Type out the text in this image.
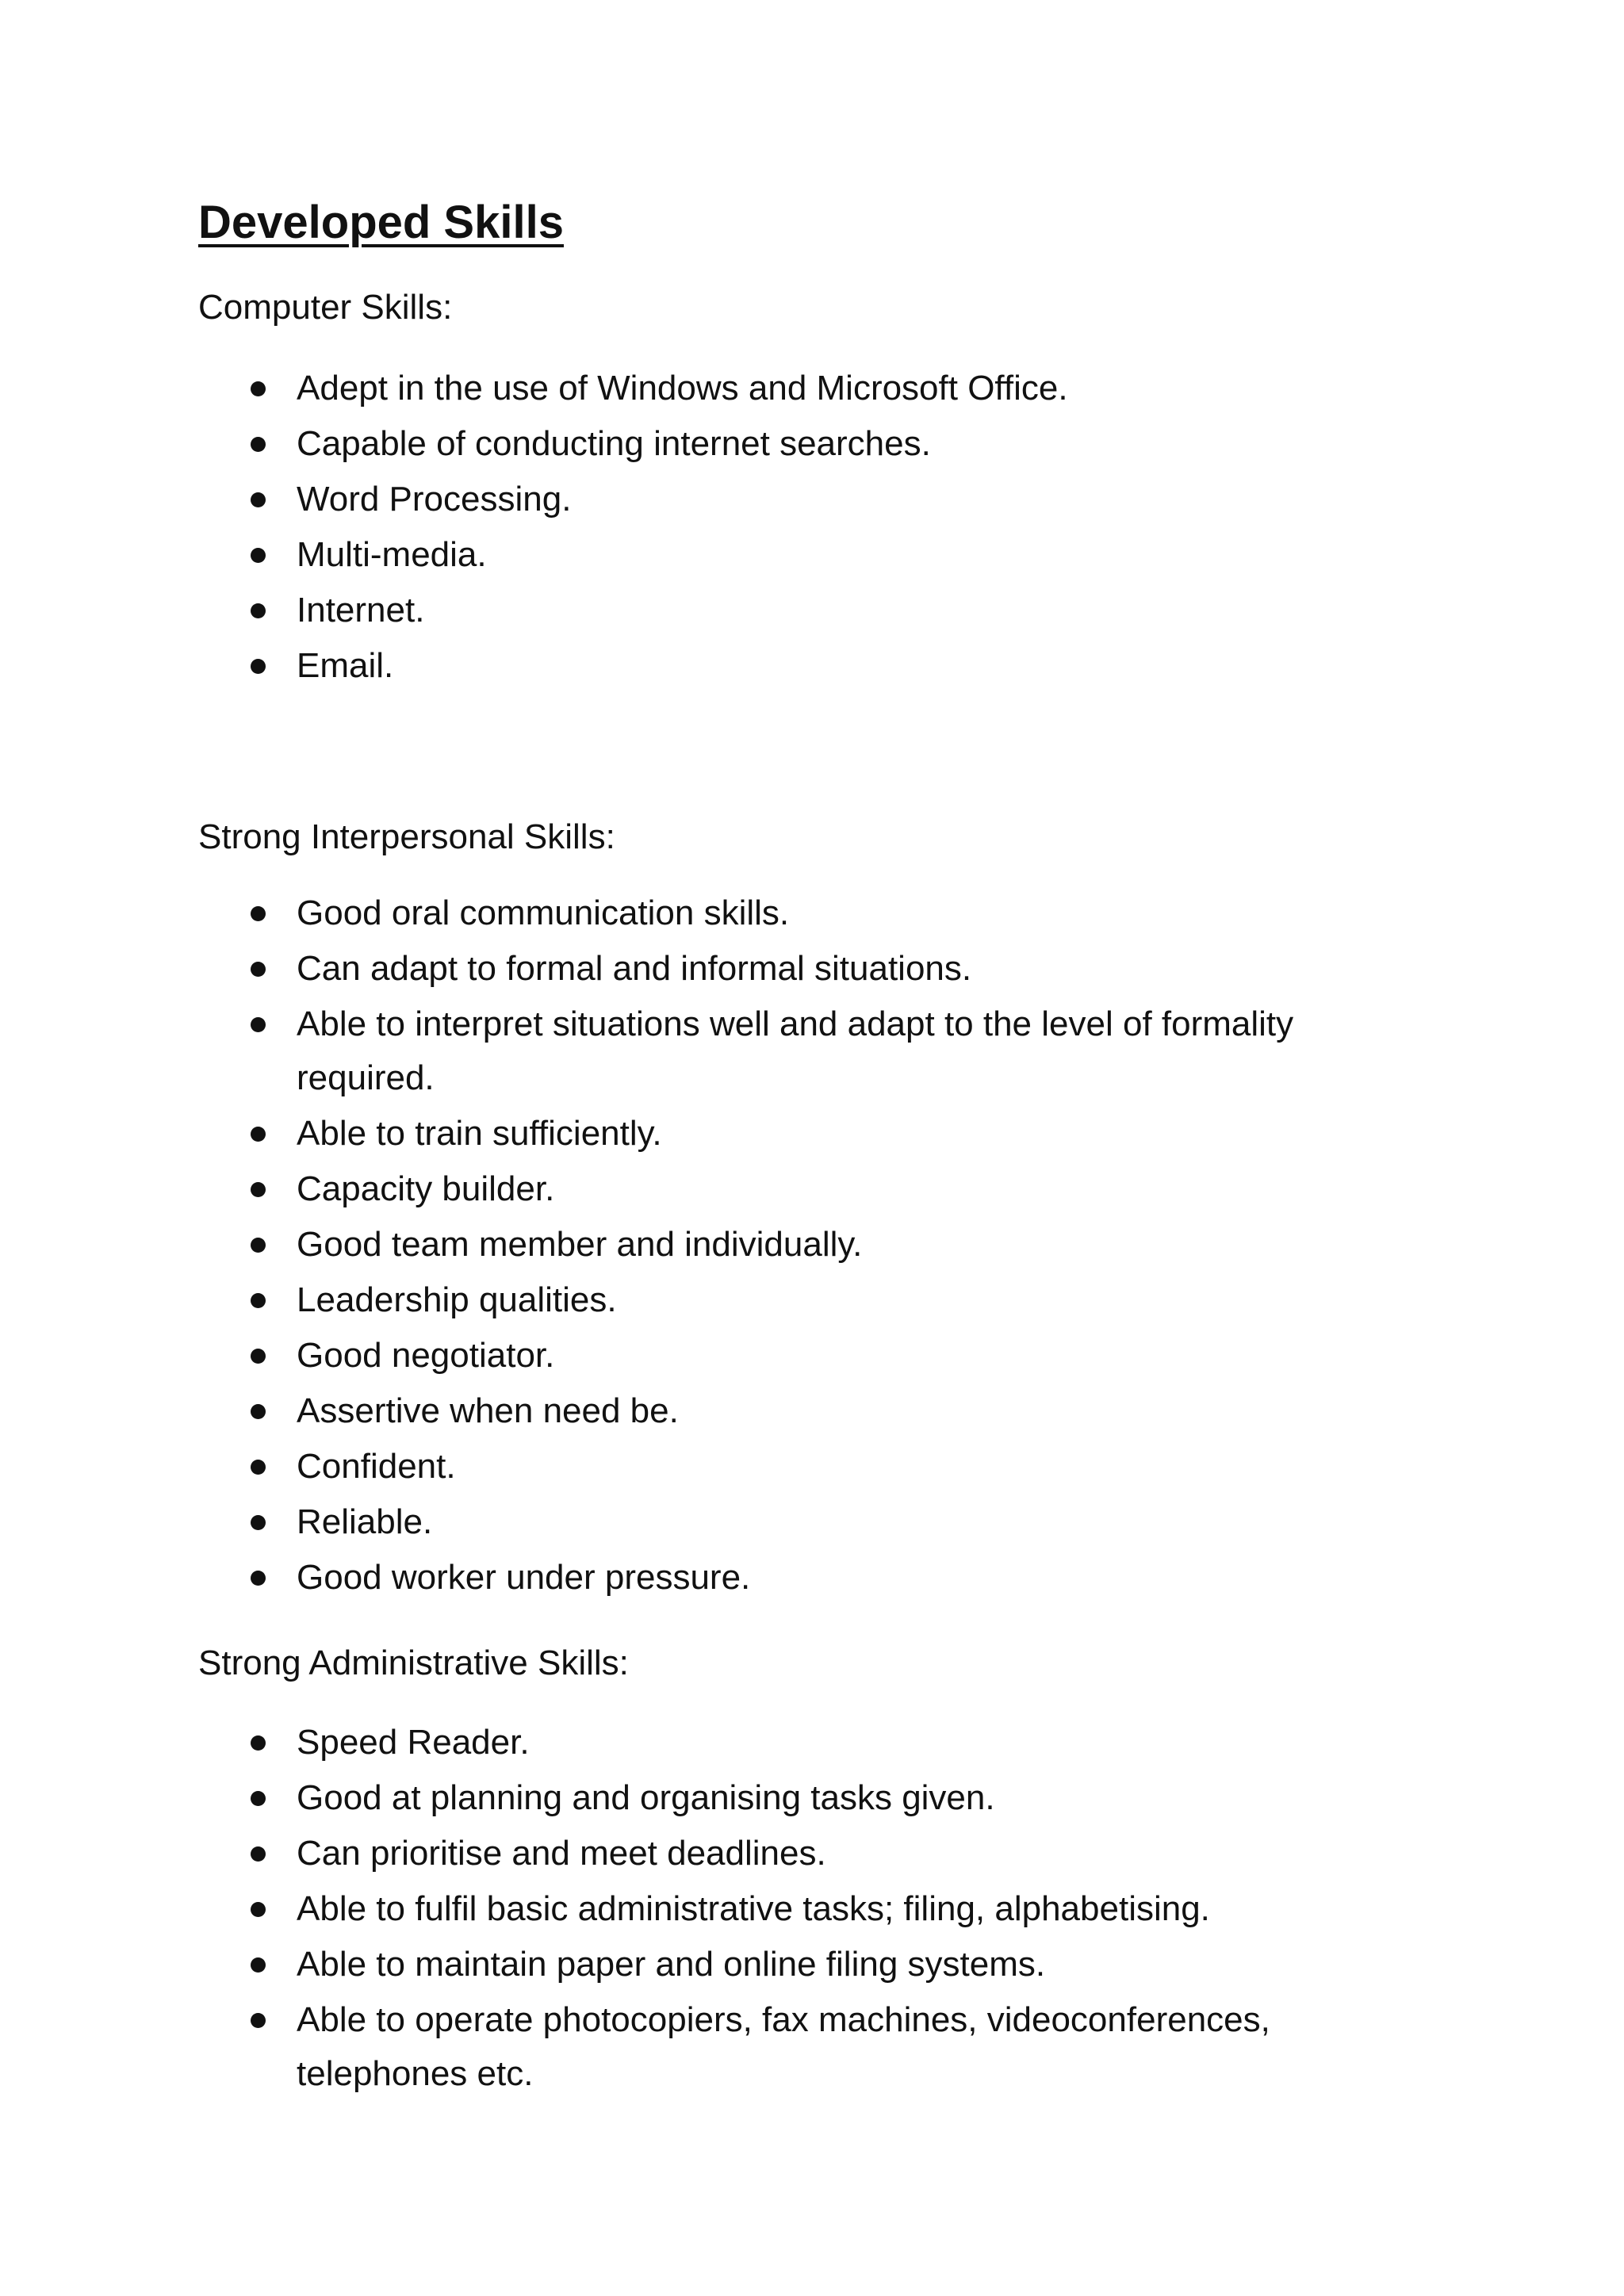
Developed Skills

Computer Skills:

Adept in the use of Windows and Microsoft Office.
Capable of conducting internet searches.
Word Processing.
Multi-media.
Internet.
Email.

Strong Interpersonal Skills:

Good oral communication skills.
Can adapt to formal and informal situations.
Able to interpret situations well and adapt to the level of formality required.
Able to train sufficiently.
Capacity builder.
Good team member and individually.
Leadership qualities.
Good negotiator.
Assertive when need be.
Confident.
Reliable.
Good worker under pressure.

Strong Administrative Skills:

Speed Reader.
Good at planning and organising tasks given.
Can prioritise and meet deadlines.
Able to fulfil basic administrative tasks; filing, alphabetising.
Able to maintain paper and online filing systems.
Able to operate photocopiers, fax machines, videoconferences, telephones etc.
